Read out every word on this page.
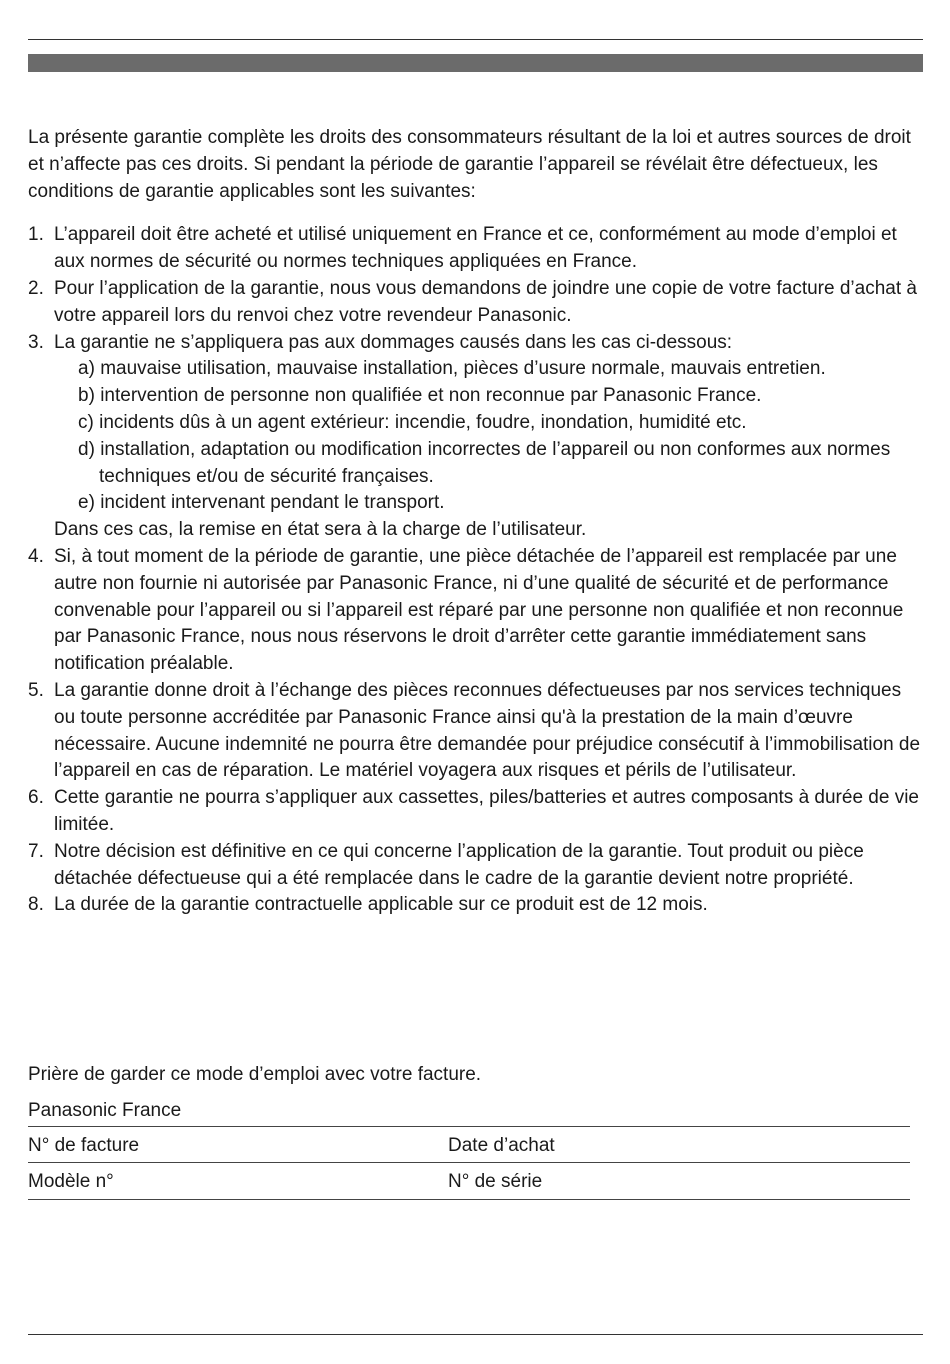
La présente garantie complète les droits des consommateurs résultant de la loi et autres sources de droit et n’affecte pas ces droits. Si pendant la période de garantie l’appareil se révélait être défectueux, les conditions de garantie applicables sont les suivantes:

1. L’appareil doit être acheté et utilisé uniquement en France et ce, conformément au mode d’emploi et aux normes de sécurité ou normes techniques appliquées en France.
2. Pour l’application de la garantie, nous vous demandons de joindre une copie de votre facture d’achat à votre appareil lors du renvoi chez votre revendeur Panasonic.
3. La garantie ne s’appliquera pas aux dommages causés dans les cas ci-dessous:
a) mauvaise utilisation, mauvaise installation, pièces d’usure normale, mauvais entretien.
b) intervention de personne non qualifiée et non reconnue par Panasonic France.
c) incidents dûs à un agent extérieur: incendie, foudre, inondation, humidité etc.
d) installation, adaptation ou modification incorrectes de l’appareil ou non conformes aux normes techniques et/ou de sécurité françaises.
e) incident intervenant pendant le transport.
Dans ces cas, la remise en état sera à la charge de l’utilisateur.
4. Si, à tout moment de la période de garantie, une pièce détachée de l’appareil est remplacée par une autre non fournie ni autorisée par Panasonic France, ni d’une qualité de sécurité et de performance convenable pour l’appareil ou si l’appareil est réparé par une personne non qualifiée et non reconnue par Panasonic France, nous nous réservons le droit d’arrêter cette garantie immédiatement sans notification préalable.
5. La garantie donne droit à l’échange des pièces reconnues défectueuses par nos services techniques ou toute personne accréditée par Panasonic France ainsi qu'à la prestation de la main d’œuvre nécessaire. Aucune indemnité ne pourra être demandée pour préjudice consécutif à l’immobilisation de l’appareil en cas de réparation. Le matériel voyagera aux risques et périls de l’utilisateur.
6. Cette garantie ne pourra s’appliquer aux cassettes, piles/batteries et autres composants à durée de vie limitée.
7. Notre décision est définitive en ce qui concerne l’application de la garantie. Tout produit ou pièce détachée défectueuse qui a été remplacée dans le cadre de la garantie devient notre propriété.
8. La durée de la garantie contractuelle applicable sur ce produit est de 12 mois.
Prière de garder ce mode d’emploi avec votre facture.
Panasonic France
N° de facture	Date d’achat
Modèle n°	N° de série
